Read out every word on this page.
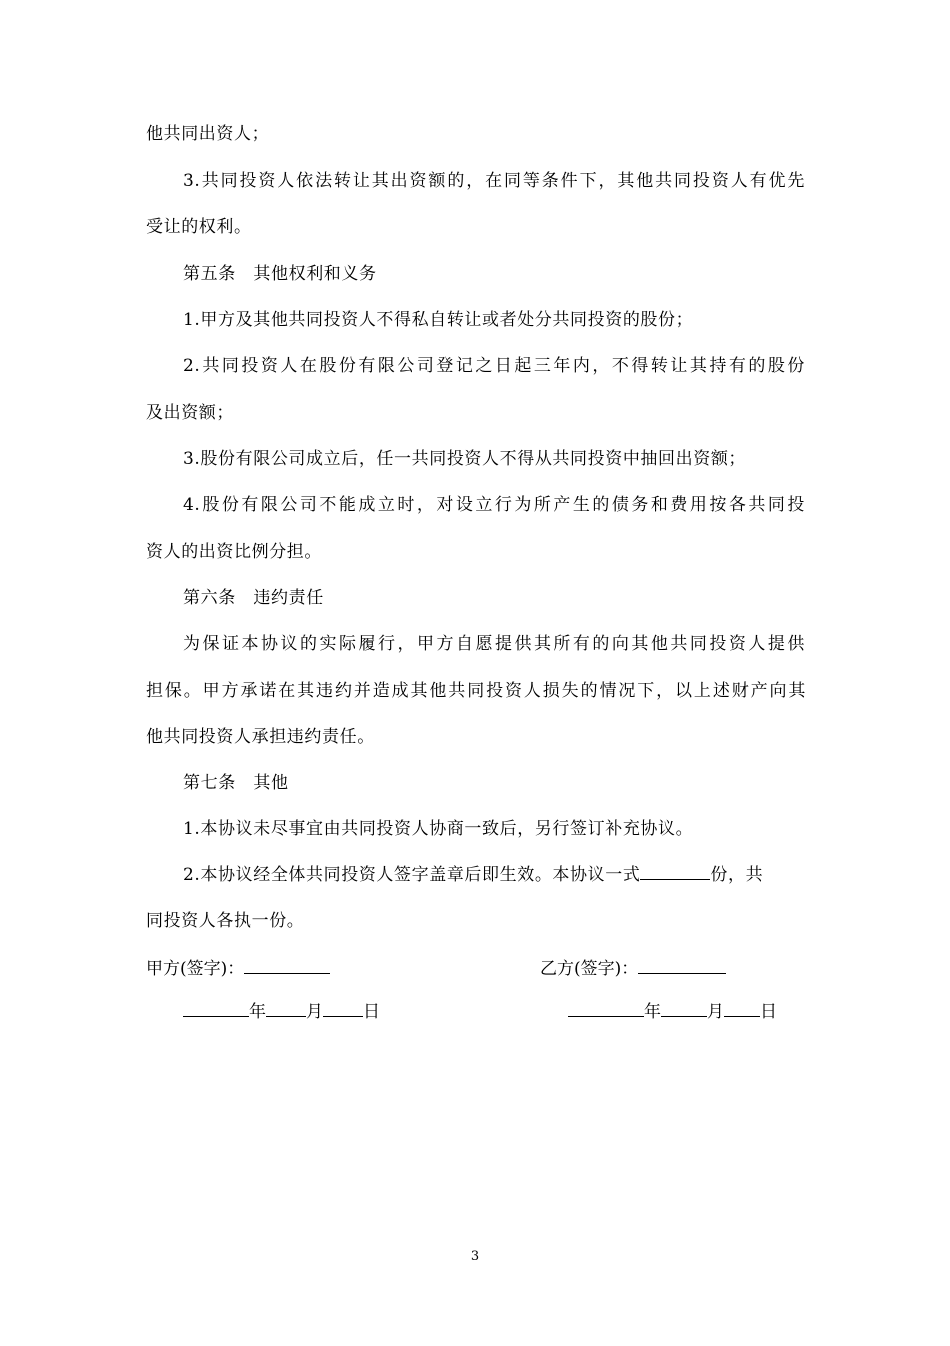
他共同出资人；
3.共同投资人依法转让其出资额的，在同等条件下，其他共同投资人有优先
受让的权利。
第五条　其他权利和义务
1.甲方及其他共同投资人不得私自转让或者处分共同投资的股份；
2.共同投资人在股份有限公司登记之日起三年内，不得转让其持有的股份
及出资额；
3.股份有限公司成立后，任一共同投资人不得从共同投资中抽回出资额；
4.股份有限公司不能成立时，对设立行为所产生的债务和费用按各共同投
资人的出资比例分担。
第六条　违约责任
为保证本协议的实际履行，甲方自愿提供其所有的向其他共同投资人提供
担保。甲方承诺在其违约并造成其他共同投资人损失的情况下，以上述财产向其
他共同投资人承担违约责任。
第七条　其他
1.本协议未尽事宜由共同投资人协商一致后，另行签订补充协议。
2.本协议经全体共同投资人签字盖章后即生效。本协议一式	份，共
同投资人各执一份。
甲方(签字)：	乙方(签字)：
年 月 日	年	月 日
3
